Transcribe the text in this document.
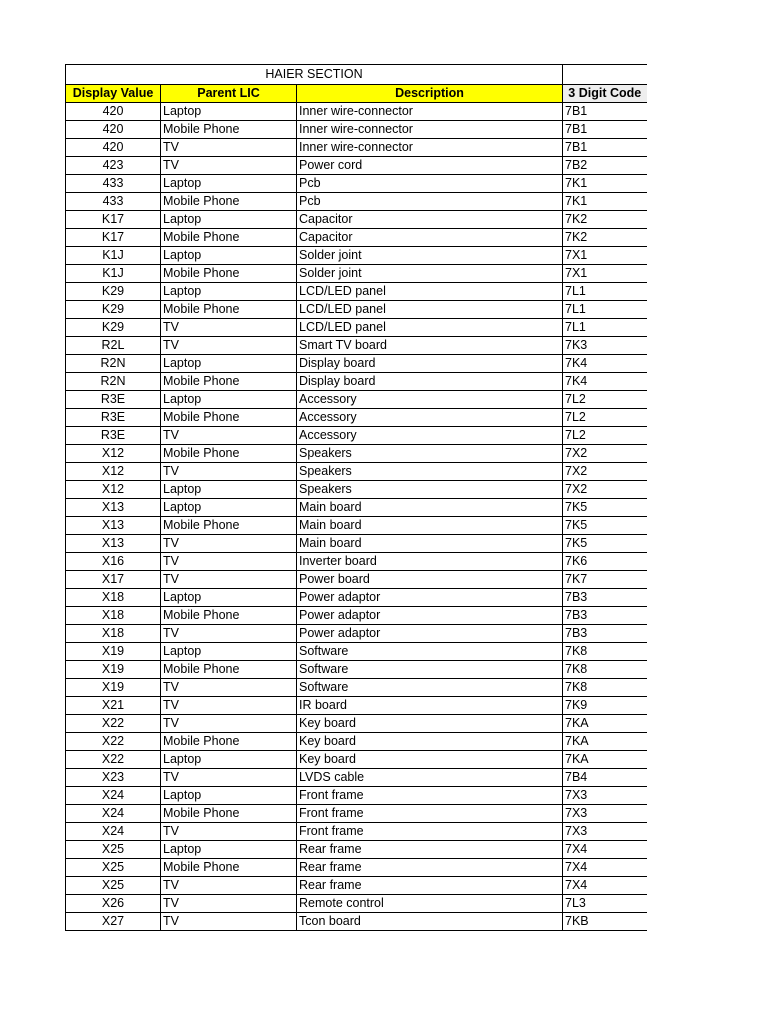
HAIER SECTION			
Display Value	Parent LIC	Description	3 Digit Code
420	Laptop	Inner wire-connector	7B1
420	Mobile Phone	Inner wire-connector	7B1
420	TV	Inner wire-connector	7B1
423	TV	Power cord	7B2
433	Laptop	Pcb	7K1
433	Mobile Phone	Pcb	7K1
K17	Laptop	Capacitor	7K2
K17	Mobile Phone	Capacitor	7K2
K1J	Laptop	Solder joint	7X1
K1J	Mobile Phone	Solder joint	7X1
K29	Laptop	LCD/LED panel	7L1
K29	Mobile Phone	LCD/LED panel	7L1
K29	TV	LCD/LED panel	7L1
R2L	TV	Smart TV board	7K3
R2N	Laptop	Display board	7K4
R2N	Mobile Phone	Display board	7K4
R3E	Laptop	Accessory	7L2
R3E	Mobile Phone	Accessory	7L2
R3E	TV	Accessory	7L2
X12	Mobile Phone	Speakers	7X2
X12	TV	Speakers	7X2
X12	Laptop	Speakers	7X2
X13	Laptop	Main board	7K5
X13	Mobile Phone	Main board	7K5
X13	TV	Main board	7K5
X16	TV	Inverter board	7K6
X17	TV	Power board	7K7
X18	Laptop	Power adaptor	7B3
X18	Mobile Phone	Power adaptor	7B3
X18	TV	Power adaptor	7B3
X19	Laptop	Software	7K8
X19	Mobile Phone	Software	7K8
X19	TV	Software	7K8
X21	TV	IR board	7K9
X22	TV	Key board	7KA
X22	Mobile Phone	Key board	7KA
X22	Laptop	Key board	7KA
X23	TV	LVDS cable	7B4
X24	Laptop	Front frame	7X3
X24	Mobile Phone	Front frame	7X3
X24	TV	Front frame	7X3
X25	Laptop	Rear frame	7X4
X25	Mobile Phone	Rear frame	7X4
X25	TV	Rear frame	7X4
X26	TV	Remote control	7L3
X27	TV	Tcon board	7KB
